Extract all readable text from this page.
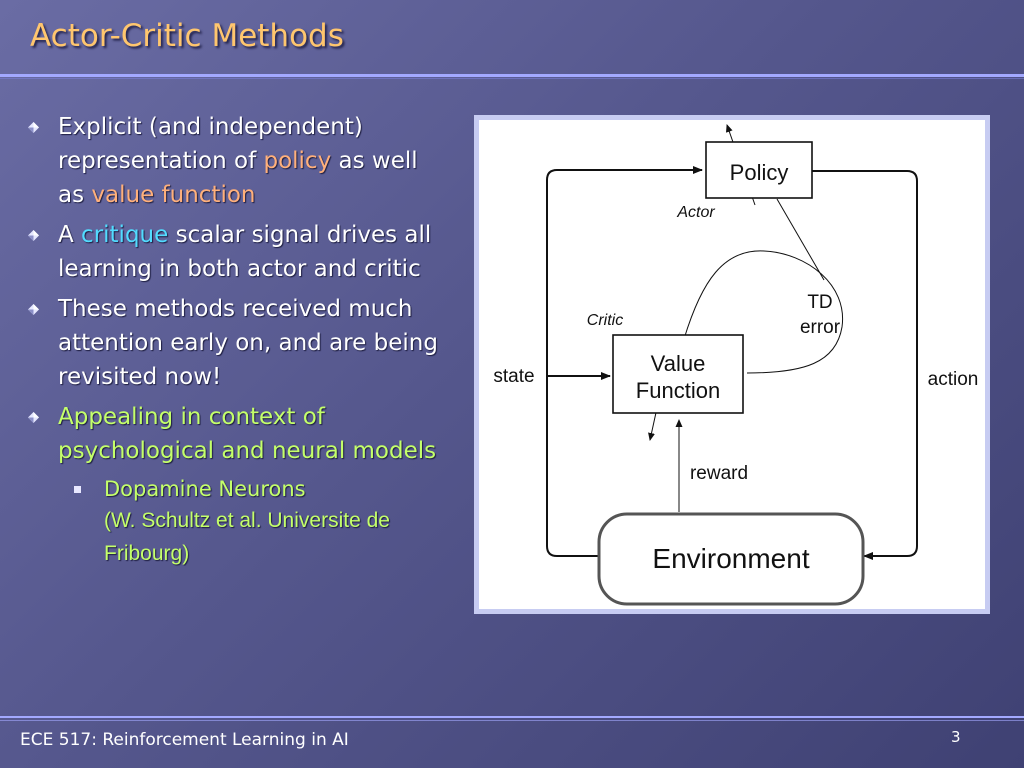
Actor-Critic Methods
Explicit (and independent) representation of policy as well as value function
A critique scalar signal drives all learning in both actor and critic
These methods received much attention early on, and are being revisited now!
Appealing in context of psychological and neural models
Dopamine Neurons
(W. Schultz et al. Universite de Fribourg)
Policy
Actor
TD
error
Critic
Value
Function
state	action
reward
Environment
ECE 517: Reinforcement Learning in AI	3
